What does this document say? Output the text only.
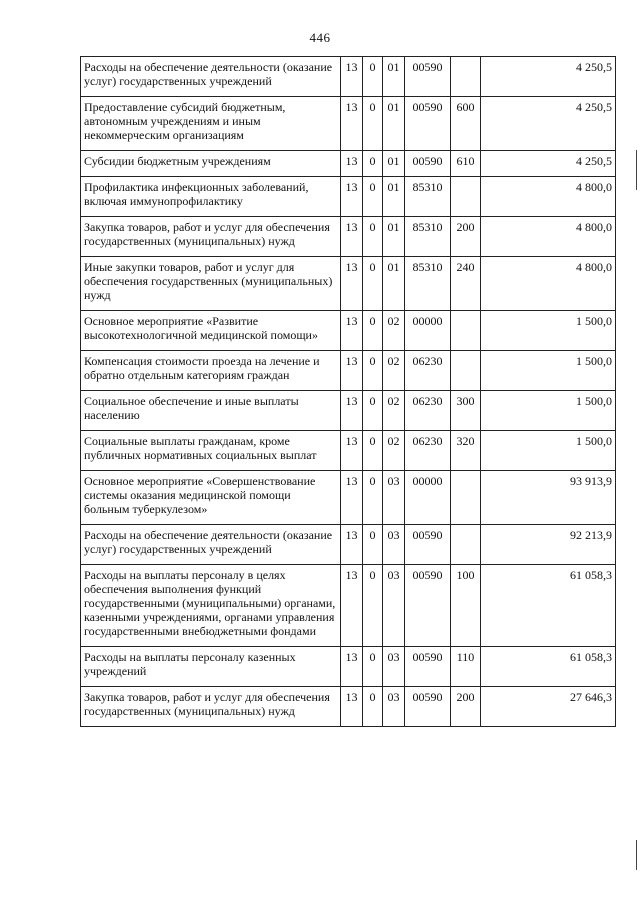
446
Расходы на обеспечение деятельности (оказание услуг) государственных учреждений	13	0	01	00590		4 250,5
Предоставление субсидий бюджетным, автономным учреждениям и иным некоммерческим организациям	13	0	01	00590	600	4 250,5
Субсидии бюджетным учреждениям	13	0	01	00590	610	4 250,5
Профилактика инфекционных заболеваний, включая иммунопрофилактику	13	0	01	85310		4 800,0
Закупка товаров, работ и услуг для обеспечения государственных (муниципальных) нужд	13	0	01	85310	200	4 800,0
Иные закупки товаров, работ и услуг для обеспечения государственных (муниципальных) нужд	13	0	01	85310	240	4 800,0
Основное мероприятие «Развитие высокотехнологичной медицинской помощи»	13	0	02	00000		1 500,0
Компенсация стоимости проезда на лечение и обратно отдельным категориям граждан	13	0	02	06230		1 500,0
Социальное обеспечение и иные выплаты населению	13	0	02	06230	300	1 500,0
Социальные выплаты гражданам, кроме публичных нормативных социальных выплат	13	0	02	06230	320	1 500,0
Основное мероприятие «Совершенствование системы оказания медицинской помощи больным туберкулезом»	13	0	03	00000		93 913,9
Расходы на обеспечение деятельности (оказание услуг) государственных учреждений	13	0	03	00590		92 213,9
Расходы на выплаты персоналу в целях обеспечения выполнения функций государственными (муниципальными) органами, казенными учреждениями, органами управления государственными внебюджетными фондами	13	0	03	00590	100	61 058,3
Расходы на выплаты персоналу казенных учреждений	13	0	03	00590	110	61 058,3
Закупка товаров, работ и услуг для обеспечения государственных (муниципальных) нужд	13	0	03	00590	200	27 646,3
